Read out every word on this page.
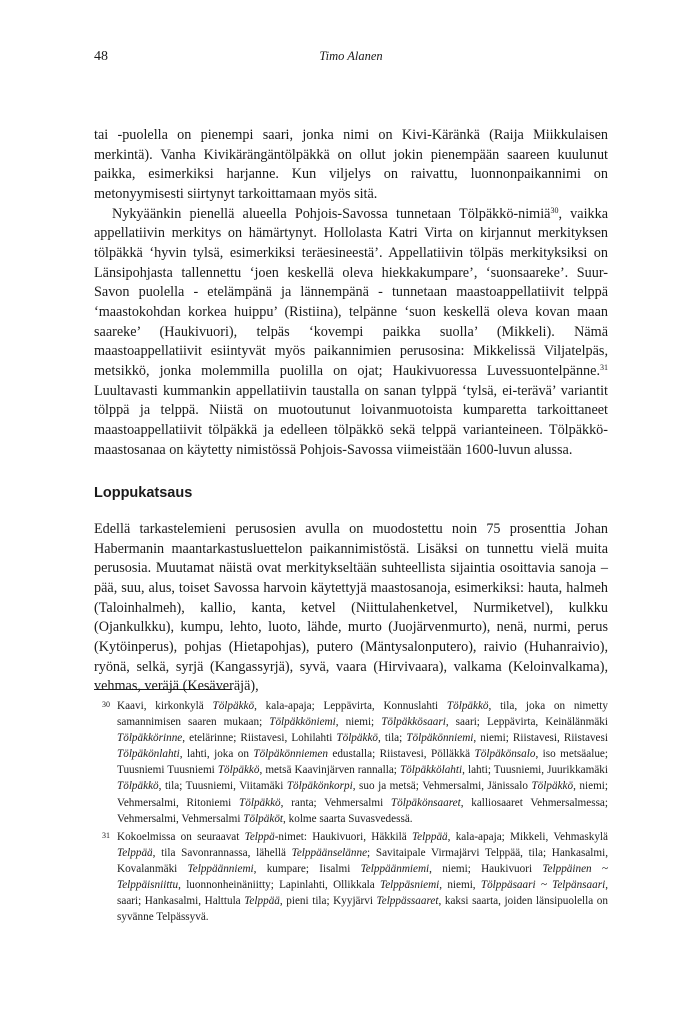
48	Timo Alanen

tai -puolella on pienempi saari, jonka nimi on Kivi-Käränkä (Raija Miikkulaisen merkintä). Vanha Kivikärängäntölpäkkä on ollut jokin pienempään saareen kuulunut paikka, esimerkiksi harjanne. Kun viljelys on raivattu, luonnonpaikannimi on metonyymisesti siirtynyt tarkoittamaan myös sitä.

Nykyäänkin pienellä alueella Pohjois-Savossa tunnetaan Tölpäkkö-nimiä$^{30}$, vaikka appellatiivin merkitys on hämärtynyt. Hollolasta Katri Virta on kirjannut merkityksen tölpäkkä ‘hyvin tylsä, esimerkiksi teräesineestä’. Appellatiivin tölpäs merkityksiksi on Länsipohjasta tallennettu ‘joen keskellä oleva hiekkakumpare’, ‘suonsaareke’. Suur-Savon puolella - etelämpänä ja lännempänä - tunnetaan maastoappellatiivit telppä ‘maastokohdan korkea huippu’ (Ristiina), telpänne ‘suon keskellä oleva kovan maan saareke’ (Haukivuori), telpäs ‘kovempi paikka suolla’ (Mikkeli). Nämä maastoappellatiivit esiintyvät myös paikannimien perusosina: Mikkelissä Viljatelpäs, metsikkö, jonka molemmilla puolilla on ojat; Haukivuoressa Luvessuontelpänne.$^{31}$ Luultavasti kummankin appellatiivin taustalla on sanan tylppä ‘tylsä, ei-terävä’ variantit tölppä ja telppä. Niistä on muotoutunut loivanmuotoista kumparetta tarkoittaneet maastoappellatiivit tölpäkkä ja edelleen tölpäkkö sekä telppä varianteineen. Tölpäkkö-maastosanaa on käytetty nimistössä Pohjois-Savossa viimeistään 1600-luvun alussa.

Loppukatsaus

Edellä tarkastelemieni perusosien avulla on muodostettu noin 75 prosenttia Johan Habermanin maantarkastusluettelon paikannimistöstä. Lisäksi on tunnettu vielä muita perusosia. Muutamat näistä ovat merkitykseltään suhteellista sijaintia osoittavia sanoja – pää, suu, alus, toiset Savossa harvoin käytettyjä maastosanoja, esimerkiksi: hauta, halmeh (Taloinhalmeh), kallio, kanta, ketvel (Niittulahenketvel, Nurmiketvel), kulkku (Ojankulkku), kumpu, lehto, luoto, lähde, murto (Juojärvenmurto), nenä, nurmi, perus (Kytöinperus), pohjas (Hietapohjas), putero (Mäntysalonputero), raivio (Huhanraivio), ryönä, selkä, syrjä (Kangassyrjä), syvä, vaara (Hirvivaara), valkama (Keloinvalkama), vehmas, veräjä (Kesäveräjä),

30 Kaavi, kirkonkylä Tölpäkkö, kala-apaja; Leppävirta, Konnuslahti Tölpäkkö, tila, joka on nimetty samannimisen saaren mukaan; Tölpäkköniemi, niemi; Tölpäkkösaari, saari; Leppävirta, Keinälänmäki Tölpäkkörinne, etelärinne; Riistavesi, Lohilahti Tölpäkkö, tila; Tölpäkönniemi, niemi; Riistavesi, Riistavesi Tölpäkönlahti, lahti, joka on Tölpäkönniemen edustalla; Riistavesi, Pölläkkä Tölpäkönsalo, iso metsäalue; Tuusniemi Tuusniemi Tölpäkkö, metsä Kaavinjärven rannalla; Tölpäkkölahti, lahti; Tuusniemi, Juurikkamäki Tölpäkkö, tila; Tuusniemi, Viitamäki Tölpäkönkorpi, suo ja metsä; Vehmersalmi, Jänissalo Tölpäkkö, niemi; Vehmersalmi, Ritoniemi Tölpäkkö, ranta; Vehmersalmi Tölpäkönsaaret, kalliosaaret Vehmersalmessa; Vehmersalmi, Vehmersalmi Tölpäköt, kolme saarta Suvasvedessä.

31 Kokoelmissa on seuraavat Telppä-nimet: Haukivuori, Häkkilä Telppää, kala-apaja; Mikkeli, Vehmaskylä Telppää, tila Savonrannassa, lähellä Telppäänselänne; Savitaipale Virmajärvi Telppää, tila; Hankasalmi, Kovalanmäki Telppäänniemi, kumpare; Iisalmi Telppäänmiemi, niemi; Haukivuori Telppäinen ~ Telppäisniittu, luonnonheinäniitty; Lapinlahti, Ollikkala Telppäsniemi, niemi, Tölppäsaari ~ Telpänsaari, saari; Hankasalmi, Halttula Telppää, pieni tila; Kyyjärvi Telppässaaret, kaksi saarta, joiden länsipuolella on syvänne Telpässyvä.
